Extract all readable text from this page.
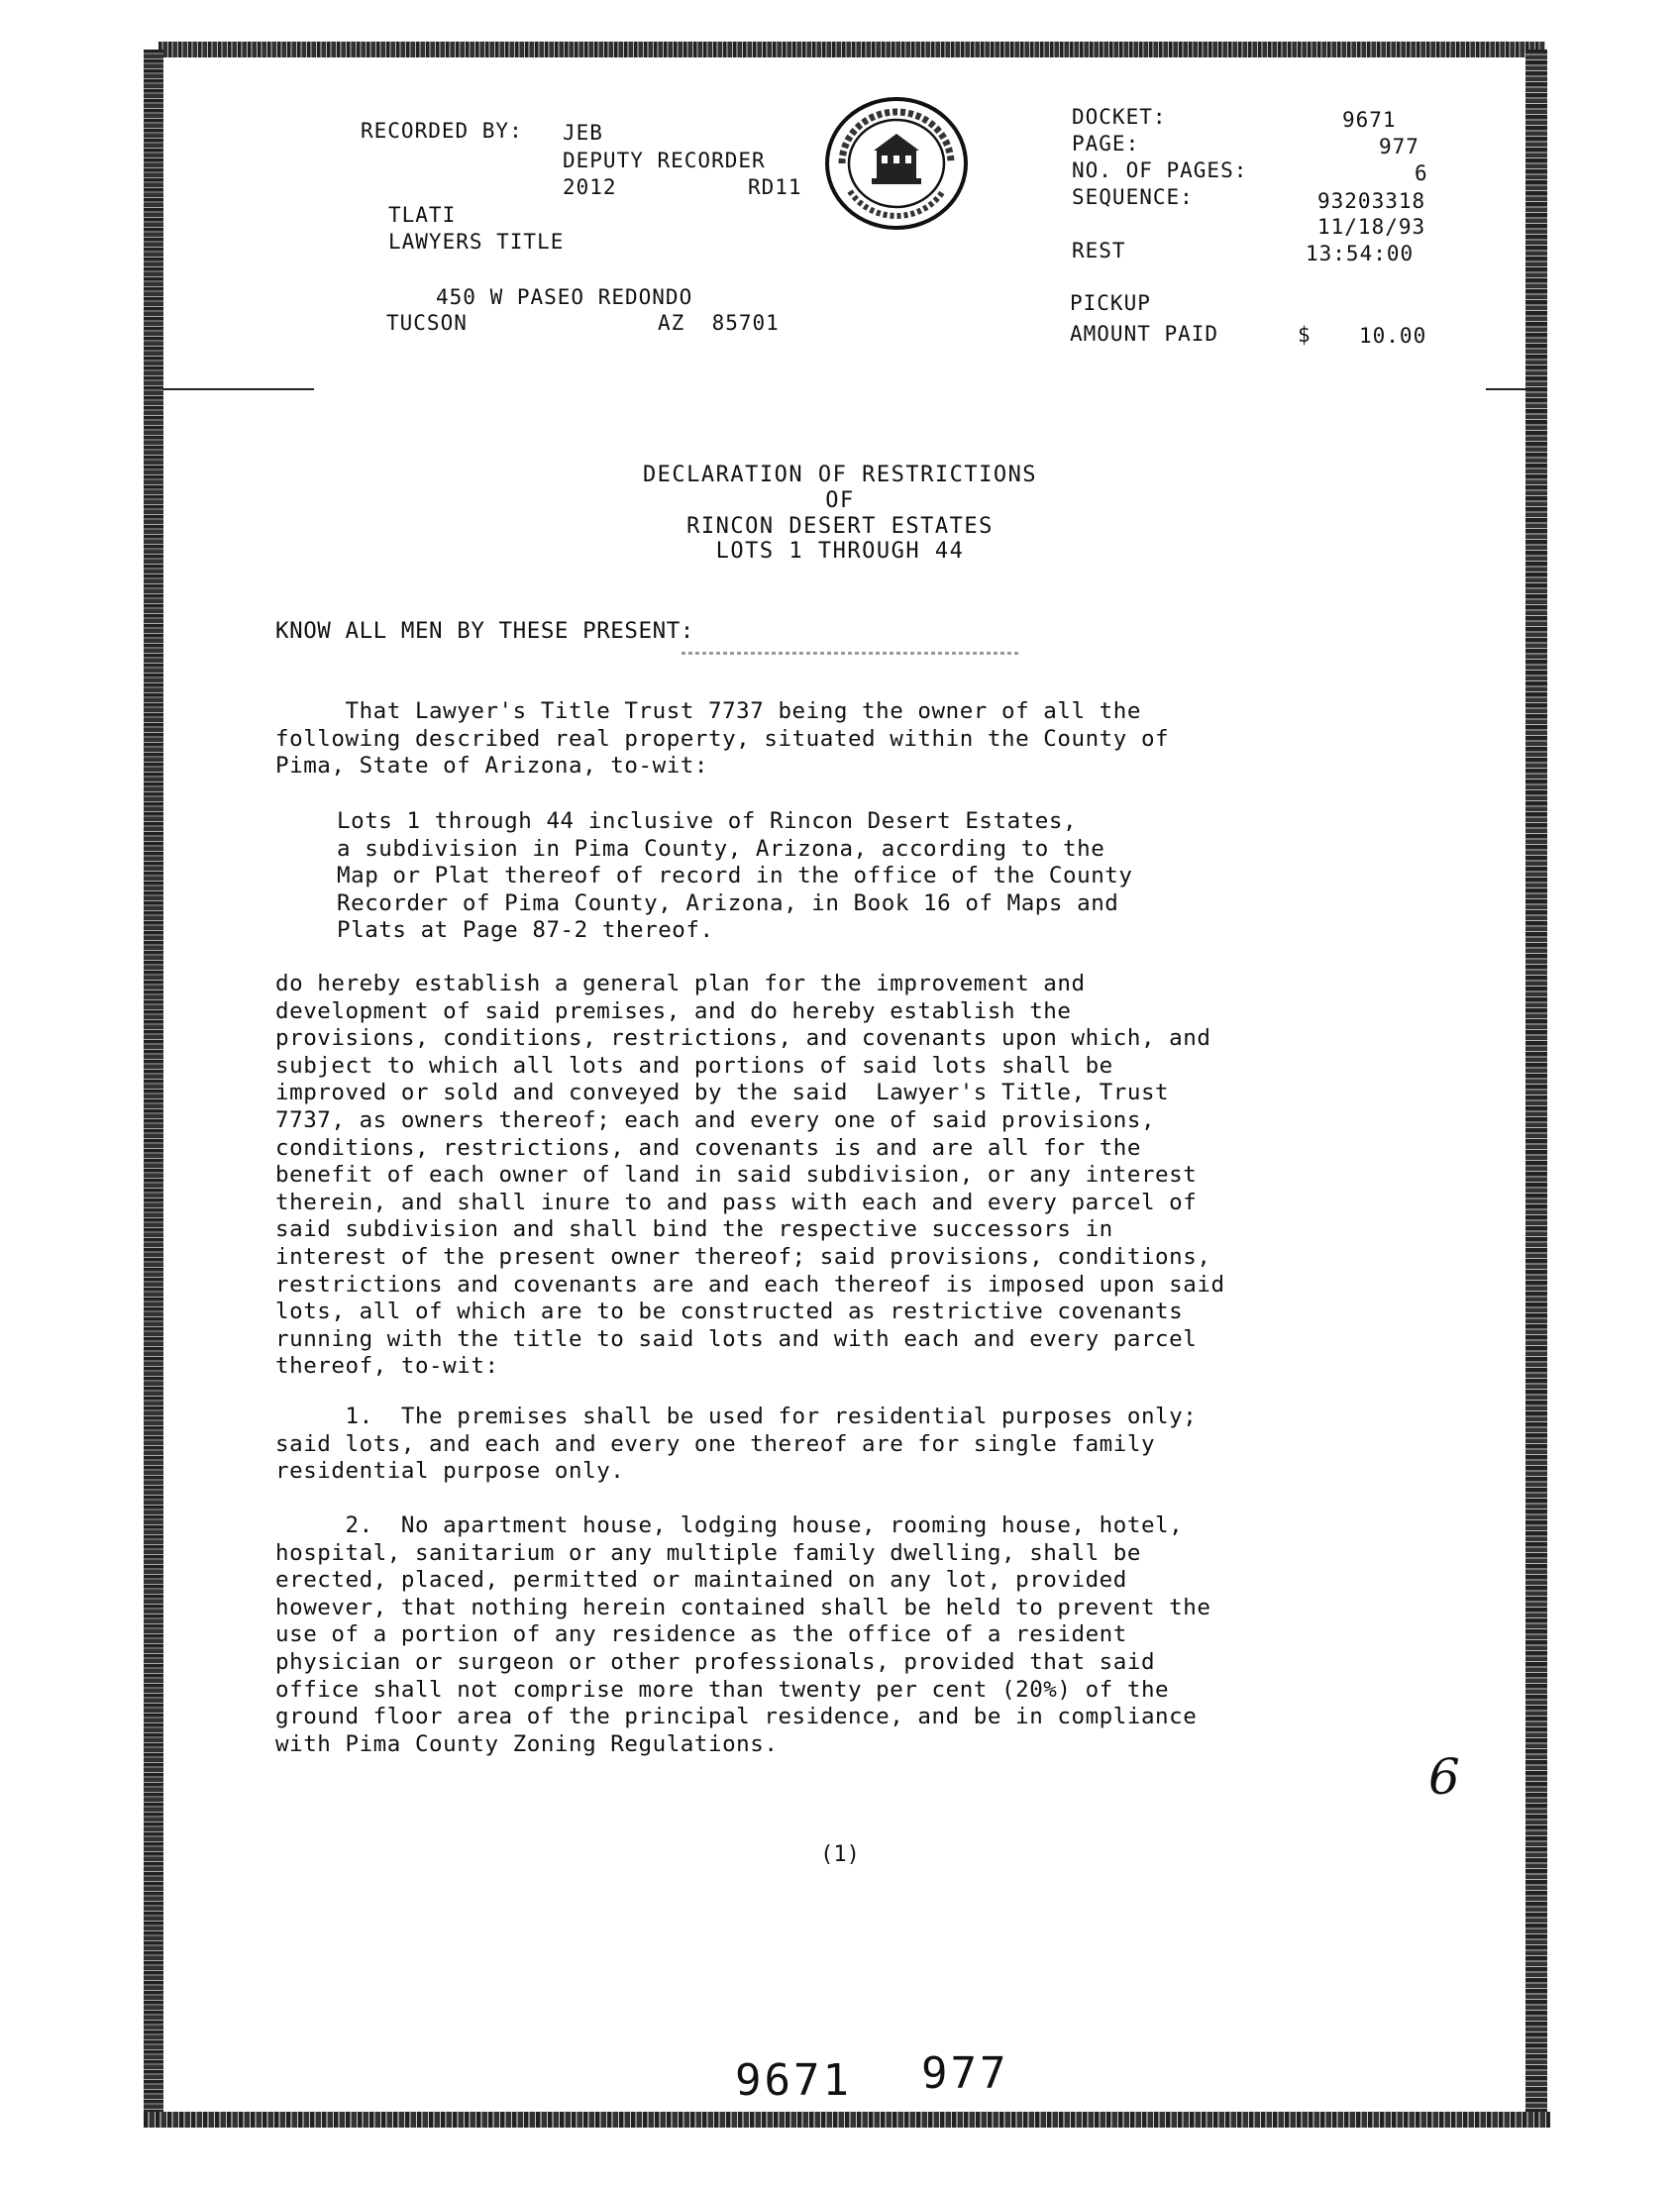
RECORDED BY: JEB
DEPUTY RECORDER
2012	RD11
TLATI
LAWYERS TITLE
450 W PASEO REDONDO
TUCSON	AZ  85701
DOCKET:	9671
PAGE:	977
NO. OF PAGES:	6
SEQUENCE:	93203318
11/18/93
REST	13:54:00
PICKUP
AMOUNT PAID	$ 10.00
DECLARATION OF RESTRICTIONS
OF
RINCON DESERT ESTATES
LOTS 1 THROUGH 44
KNOW ALL MEN BY THESE PRESENT:
That Lawyer's Title Trust 7737 being the owner of all the
following described real property, situated within the County of
Pima, State of Arizona, to-wit:
Lots 1 through 44 inclusive of Rincon Desert Estates,
a subdivision in Pima County, Arizona, according to the
Map or Plat thereof of record in the office of the County
Recorder of Pima County, Arizona, in Book 16 of Maps and
Plats at Page 87-2 thereof.
do hereby establish a general plan for the improvement and
development of said premises, and do hereby establish the
provisions, conditions, restrictions, and covenants upon which, and
subject to which all lots and portions of said lots shall be
improved or sold and conveyed by the said  Lawyer's Title, Trust
7737, as owners thereof; each and every one of said provisions,
conditions, restrictions, and covenants is and are all for the
benefit of each owner of land in said subdivision, or any interest
therein, and shall inure to and pass with each and every parcel of
said subdivision and shall bind the respective successors in
interest of the present owner thereof; said provisions, conditions,
restrictions and covenants are and each thereof is imposed upon said
lots, all of which are to be constructed as restrictive covenants
running with the title to said lots and with each and every parcel
thereof, to-wit:
1.  The premises shall be used for residential purposes only;
said lots, and each and every one thereof are for single family
residential purpose only.
2.  No apartment house, lodging house, rooming house, hotel,
hospital, sanitarium or any multiple family dwelling, shall be
erected, placed, permitted or maintained on any lot, provided
however, that nothing herein contained shall be held to prevent the
use of a portion of any residence as the office of a resident
physician or surgeon or other professionals, provided that said
office shall not comprise more than twenty per cent (20%) of the
ground floor area of the principal residence, and be in compliance
with Pima County Zoning Regulations.
6
(1)
9671 977
